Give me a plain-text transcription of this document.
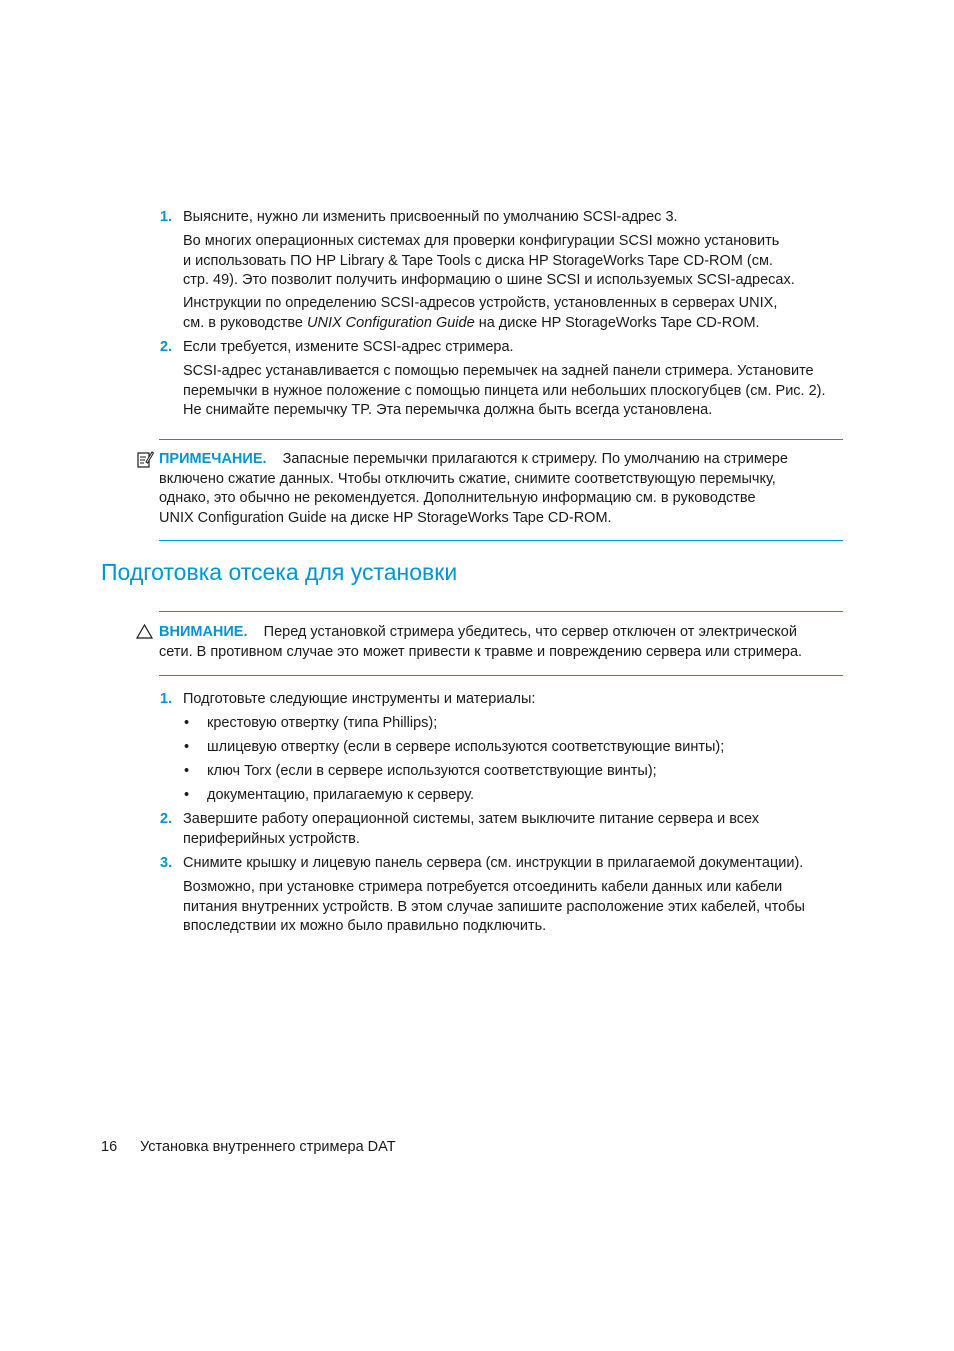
1. Выясните, нужно ли изменить присвоенный по умолчанию SCSI-адрес 3.
Во многих операционных системах для проверки конфигурации SCSI можно установить
и использовать ПО HP Library & Tape Tools с диска HP StorageWorks Tape CD-ROM (см.
стр. 49). Это позволит получить информацию о шине SCSI и используемых SCSI-адресах.
Инструкции по определению SCSI-адресов устройств, установленных в серверах UNIX,
см. в руководстве UNIX Configuration Guide на диске HP StorageWorks Tape CD-ROM.
2. Если требуется, измените SCSI-адрес стримера.
SCSI-адрес устанавливается с помощью перемычек на задней панели стримера. Установите
перемычки в нужное положение с помощью пинцета или небольших плоскогубцев (см. Рис. 2).
Не снимайте перемычку TP. Эта перемычка должна быть всегда установлена.
ПРИМЕЧАНИЕ. Запасные перемычки прилагаются к стримеру. По умолчанию на стримере
включено сжатие данных. Чтобы отключить сжатие, снимите соответствующую перемычку,
однако, это обычно не рекомендуется. Дополнительную информацию см. в руководстве
UNIX Configuration Guide на диске HP StorageWorks Tape CD-ROM.
Подготовка отсека для установки
ВНИМАНИЕ. Перед установкой стримера убедитесь, что сервер отключен от электрической
сети. В противном случае это может привести к травме и повреждению сервера или стримера.
1. Подготовьте следующие инструменты и материалы:
• крестовую отвертку (типа Phillips);
• шлицевую отвертку (если в сервере используются соответствующие винты);
• ключ Torx (если в сервере используются соответствующие винты);
• документацию, прилагаемую к серверу.
2. Завершите работу операционной системы, затем выключите питание сервера и всех
периферийных устройств.
3. Снимите крышку и лицевую панель сервера (см. инструкции в прилагаемой документации).
Возможно, при установке стримера потребуется отсоединить кабели данных или кабели
питания внутренних устройств. В этом случае запишите расположение этих кабелей, чтобы
впоследствии их можно было правильно подключить.
16 Установка внутреннего стримера DAT
